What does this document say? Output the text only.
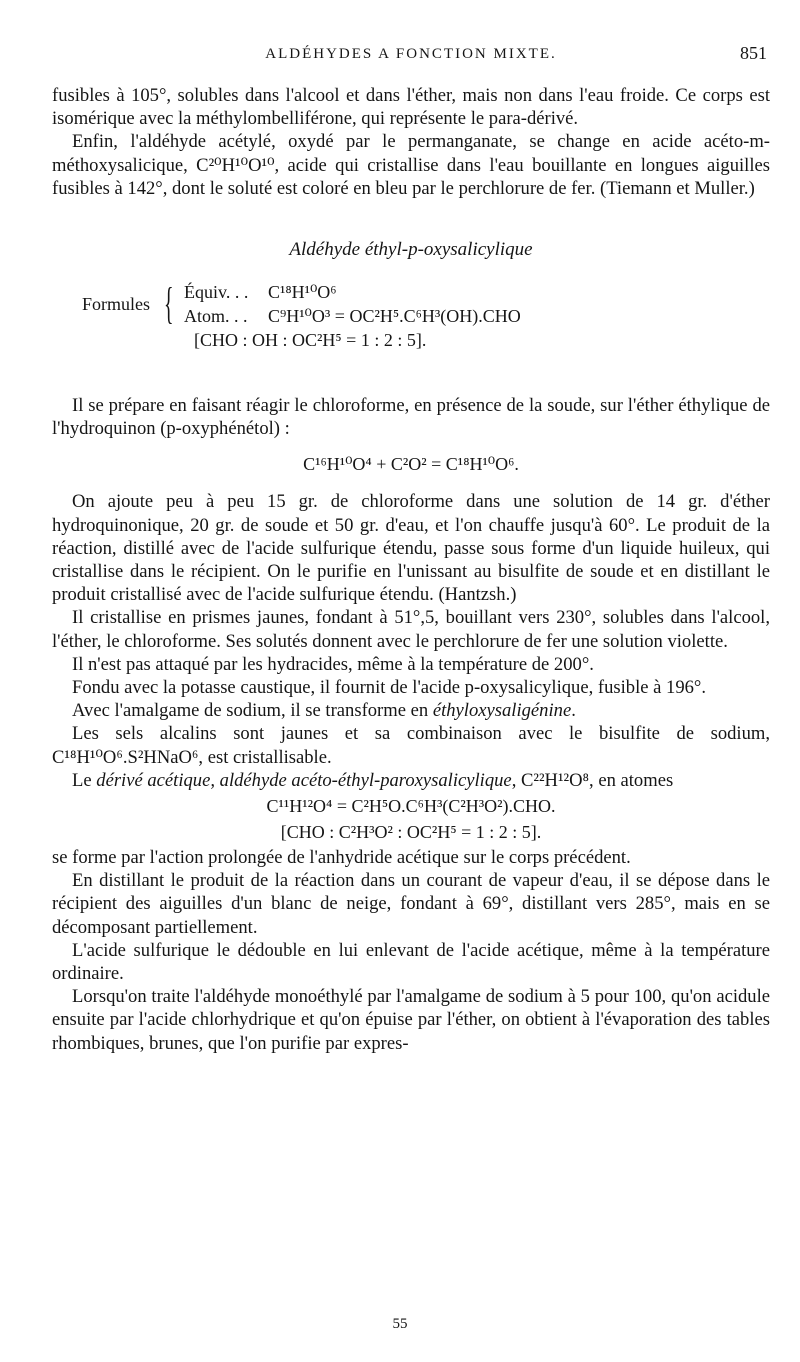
ALDÉHYDES A FONCTION MIXTE.	851

fusibles à 105°, solubles dans l'alcool et dans l'éther, mais non dans l'eau froide. Ce corps est isomérique avec la méthylombelliférone, qui représente le para-dérivé.

Enfin, l'aldéhyde acétylé, oxydé par le permanganate, se change en acide acéto-m-méthoxysalicique, C²⁰H¹⁰O¹⁰, acide qui cristallise dans l'eau bouillante en longues aiguilles fusibles à 142°, dont le soluté est coloré en bleu par le perchlorure de fer. (Tiemann et Muller.)

Aldéhyde éthyl-p-oxysalicylique
Formules { Équiv. . . C¹⁸H¹⁰O⁶
Atom. . . C⁹H¹⁰O³ = OC²H⁵.C⁶H³(OH).CHO
[CHO : OH : OC²H⁵ = 1 : 2 : 5].

Il se prépare en faisant réagir le chloroforme, en présence de la soude, sur l'éther éthylique de l'hydroquinon (p-oxyphénétol) :

C¹⁶H¹⁰O⁴ + C²O² = C¹⁸H¹⁰O⁶.

On ajoute peu à peu 15 gr. de chloroforme dans une solution de 14 gr. d'éther hydroquinonique, 20 gr. de soude et 50 gr. d'eau, et l'on chauffe jusqu'à 60°. Le produit de la réaction, distillé avec de l'acide sulfurique étendu, passe sous forme d'un liquide huileux, qui cristallise dans le récipient. On le purifie en l'unissant au bisulfite de soude et en distillant le produit cristallisé avec de l'acide sulfurique étendu. (Hantzsh.)

Il cristallise en prismes jaunes, fondant à 51°,5, bouillant vers 230°, solubles dans l'alcool, l'éther, le chloroforme. Ses solutés donnent avec le perchlorure de fer une solution violette.

Il n'est pas attaqué par les hydracides, même à la température de 200°.

Fondu avec la potasse caustique, il fournit de l'acide p-oxysalicylique, fusible à 196°.

Avec l'amalgame de sodium, il se transforme en éthyloxysaligénine.

Les sels alcalins sont jaunes et sa combinaison avec le bisulfite de sodium, C¹⁸H¹⁰O⁶.S²HNaO⁶, est cristallisable.

Le dérivé acétique, aldéhyde acéto-éthyl-paroxysalicylique, C²²H¹²O⁸, en atomes

C¹¹H¹²O⁴ = C²H⁵O.C⁶H³(C²H³O²).CHO.
[CHO : C²H³O² : OC²H⁵ = 1 : 2 : 5].

se forme par l'action prolongée de l'anhydride acétique sur le corps précédent.

En distillant le produit de la réaction dans un courant de vapeur d'eau, il se dépose dans le récipient des aiguilles d'un blanc de neige, fondant à 69°, distillant vers 285°, mais en se décomposant partiellement.

L'acide sulfurique le dédouble en lui enlevant de l'acide acétique, même à la température ordinaire.

Lorsqu'on traite l'aldéhyde monoéthylé par l'amalgame de sodium à 5 pour 100, qu'on acidule ensuite par l'acide chlorhydrique et qu'on épuise par l'éther, on obtient à l'évaporation des tables rhombiques, brunes, que l'on purifie par expres-

55
